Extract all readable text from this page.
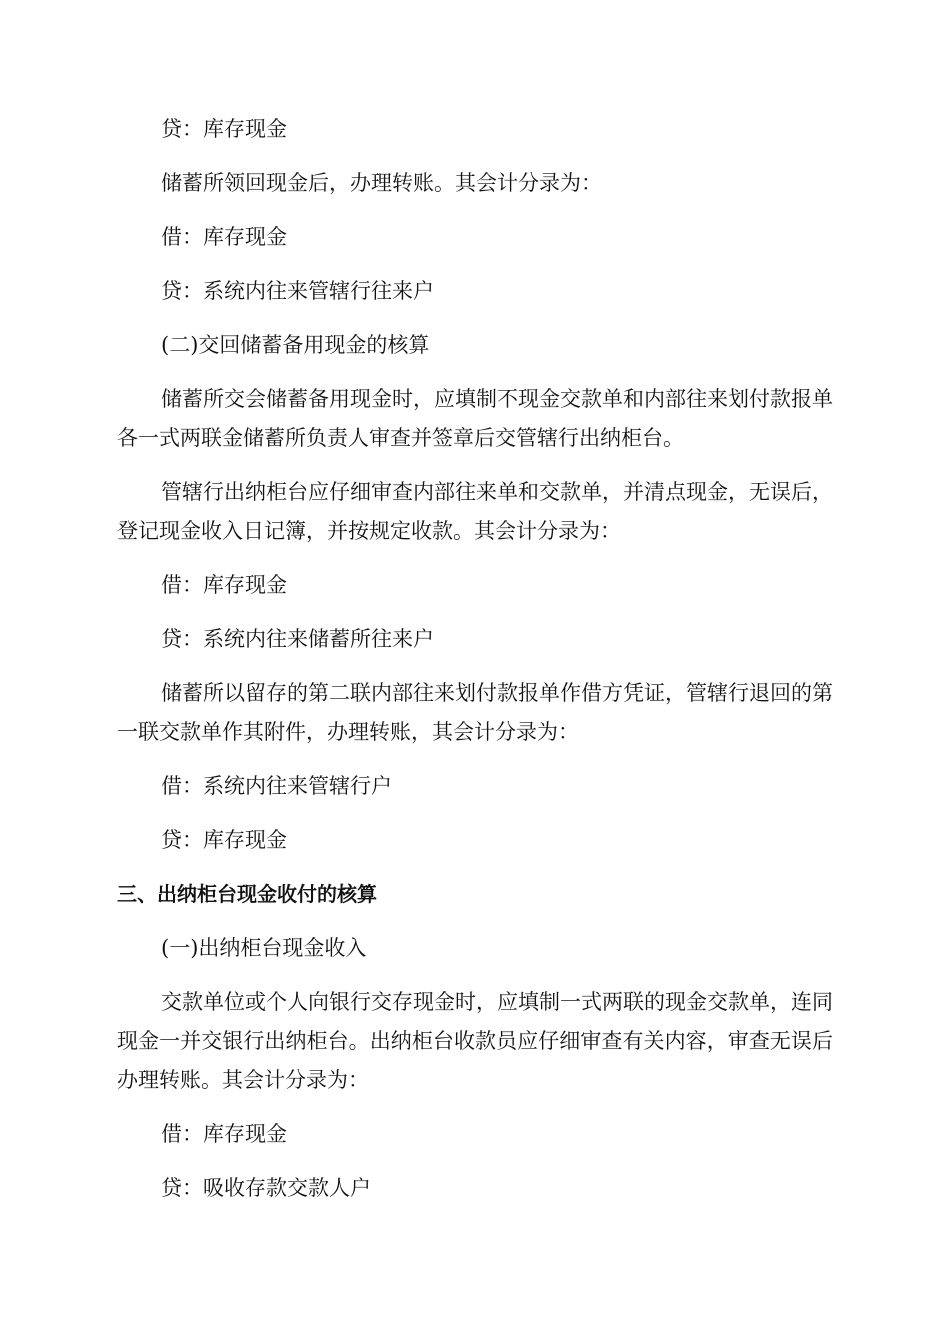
贷：库存现金

储蓄所领回现金后，办理转账。其会计分录为：

借：库存现金

贷：系统内往来管辖行往来户

(二)交回储蓄备用现金的核算

储蓄所交会储蓄备用现金时，应填制不现金交款单和内部往来划付款报单各一式两联金储蓄所负责人审查并签章后交管辖行出纳柜台。

管辖行出纳柜台应仔细审查内部往来单和交款单，并清点现金，无误后，登记现金收入日记簿，并按规定收款。其会计分录为：

借：库存现金

贷：系统内往来储蓄所往来户

储蓄所以留存的第二联内部往来划付款报单作借方凭证，管辖行退回的第一联交款单作其附件，办理转账，其会计分录为：

借：系统内往来管辖行户

贷：库存现金

三、出纳柜台现金收付的核算

(一)出纳柜台现金收入

交款单位或个人向银行交存现金时，应填制一式两联的现金交款单，连同现金一并交银行出纳柜台。出纳柜台收款员应仔细审查有关内容，审查无误后办理转账。其会计分录为：

借：库存现金

贷：吸收存款交款人户
